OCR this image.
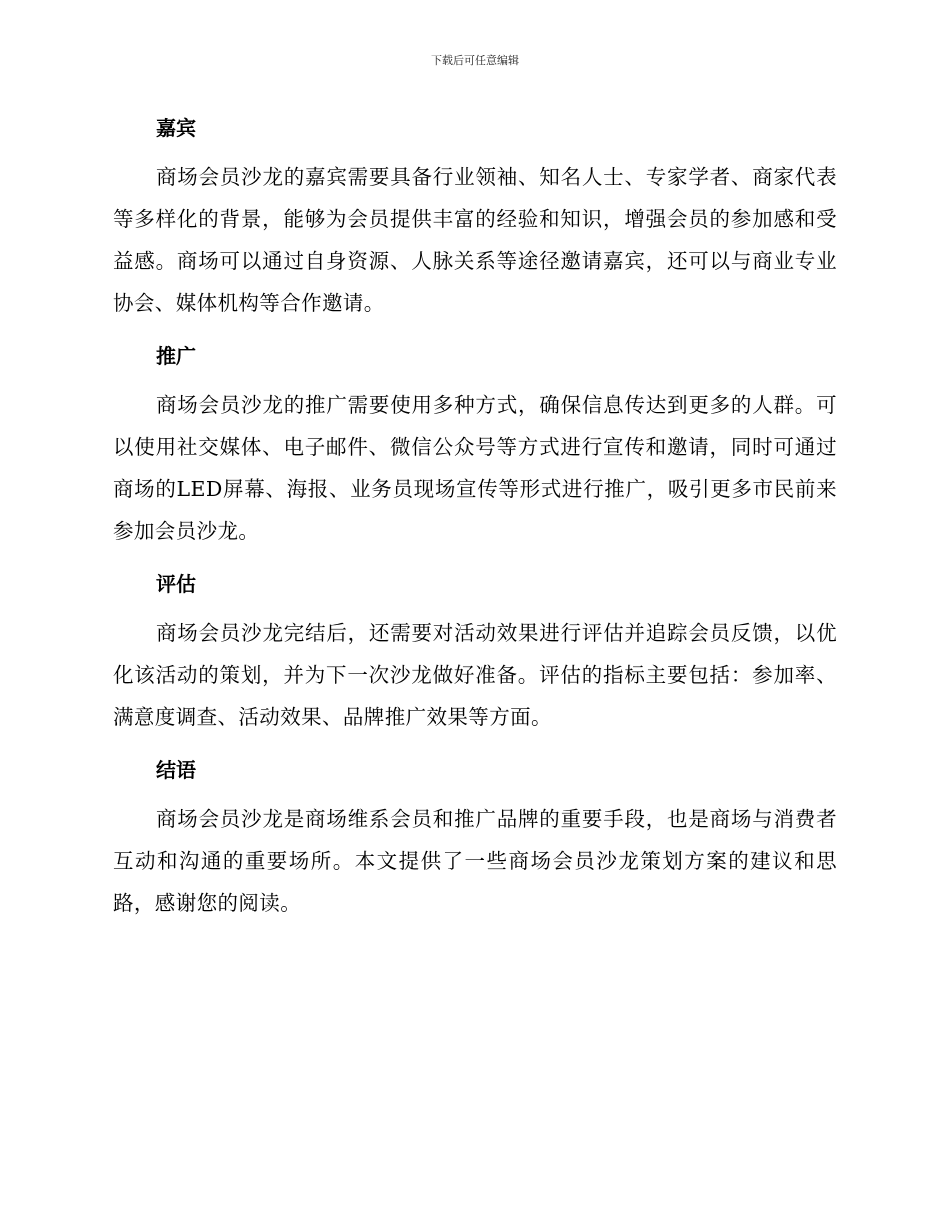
下载后可任意编辑
嘉宾

商场会员沙龙的嘉宾需要具备行业领袖、知名人士、专家学者、商家代表等多样化的背景，能够为会员提供丰富的经验和知识，增强会员的参加感和受益感。商场可以通过自身资源、人脉关系等途径邀请嘉宾，还可以与商业专业协会、媒体机构等合作邀请。

推广

商场会员沙龙的推广需要使用多种方式，确保信息传达到更多的人群。可以使用社交媒体、电子邮件、微信公众号等方式进行宣传和邀请，同时可通过商场的LED屏幕、海报、业务员现场宣传等形式进行推广，吸引更多市民前来参加会员沙龙。

评估

商场会员沙龙完结后，还需要对活动效果进行评估并追踪会员反馈，以优化该活动的策划，并为下一次沙龙做好准备。评估的指标主要包括：参加率、满意度调查、活动效果、品牌推广效果等方面。

结语

商场会员沙龙是商场维系会员和推广品牌的重要手段，也是商场与消费者互动和沟通的重要场所。本文提供了一些商场会员沙龙策划方案的建议和思路，感谢您的阅读。
